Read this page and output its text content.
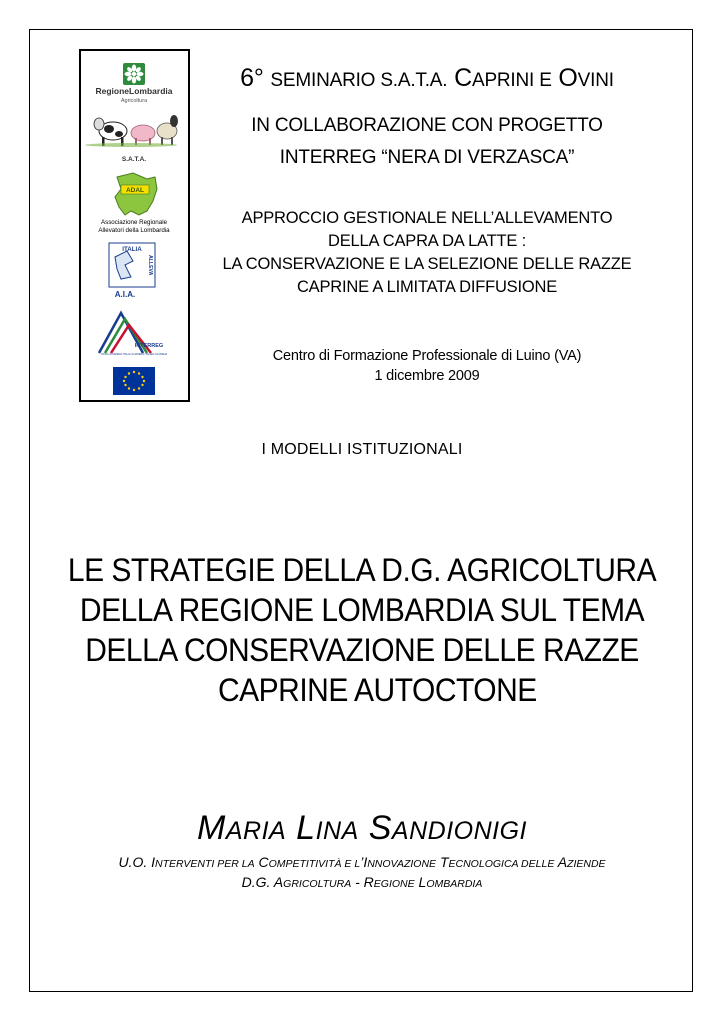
RegioneLombardia
Agricoltura
S.A.T.A.
ADAL
Associazione Regionale
Allevatori della Lombardia
ITALIA
ALLEVA
A.I.A.
INTERREG
ITALIA-SVIZZERA ITALIA-SVIZZERA ITALIEN-SCHWEIZ
6° SEMINARIO S.A.T.A. CAPRINI E OVINI
IN COLLABORAZIONE CON PROGETTO
INTERREG “NERA DI VERZASCA”
APPROCCIO GESTIONALE NELL’ALLEVAMENTO
DELLA CAPRA DA LATTE :
LA CONSERVAZIONE E LA SELEZIONE DELLE RAZZE
CAPRINE A LIMITATA DIFFUSIONE
Centro di Formazione Professionale di Luino (VA)
1 dicembre 2009
I MODELLI ISTITUZIONALI
LE STRATEGIE DELLA D.G. AGRICOLTURA
DELLA REGIONE LOMBARDIA SUL TEMA
DELLA CONSERVAZIONE DELLE RAZZE
CAPRINE AUTOCTONE
MARIA LINA SANDIONIGI
U.O. INTERVENTI PER LA COMPETITIVITÀ E L’INNOVAZIONE TECNOLOGICA DELLE AZIENDE
D.G. AGRICOLTURA - REGIONE LOMBARDIA
